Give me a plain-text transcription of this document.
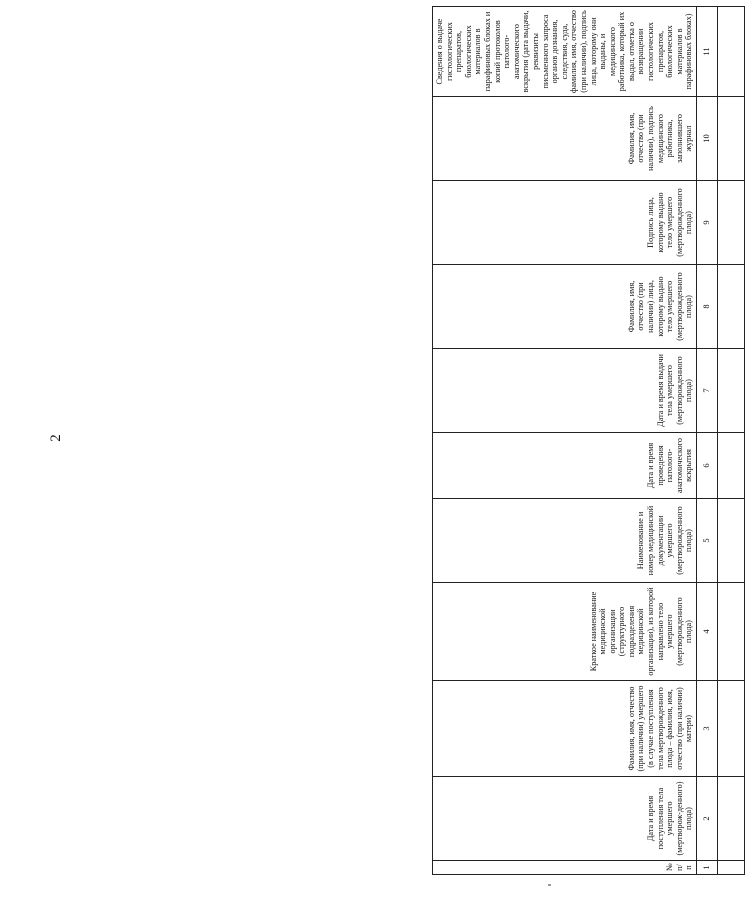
2
№ п/п	Дата и время поступления тела умершего (мертворож-денного) плода)	Фамилия, имя, отчество (при наличии) умершего (в случае поступления тела мертворожденного плода – фамилия, имя, отчество (при наличии) матери)	Краткое наименование медицинской организации (структурного подразделения медицинской организации), из которой направлено тело умершего (мертворожденного плода)	Наименование и номер медицинской документации умершего (мертворожденного плода)	Дата и время проведения патолого-анатомического вскрытия	Дата и время выдачи тела умершего (мертворожденного плода)	Фамилия, имя, отчество (при наличии) лица, которому выдано тело умершего (мертворожденного плода)	Подпись лица, которому выдано тело умершего (мертворожденного плода)	Фамилия, имя, отчество (при наличии), подпись медицинского работника, заполнившего журнал	Сведения о выдаче гистологических препаратов, биологических материалов в парафиновых блоках и копий протоколов патолого-анатомического вскрытия (дата выдачи, реквизиты письменного запроса органов дознания, следствия, суда, фамилия, имя, отчество (при наличии), подпись лица, которому они выданы, и медицинского работника, который их выдал, отметка о возвращении гистологических препаратов, биологических материалов в парафиновых блоках)
1	2	3	4	5	6	7	8	9	10	11
